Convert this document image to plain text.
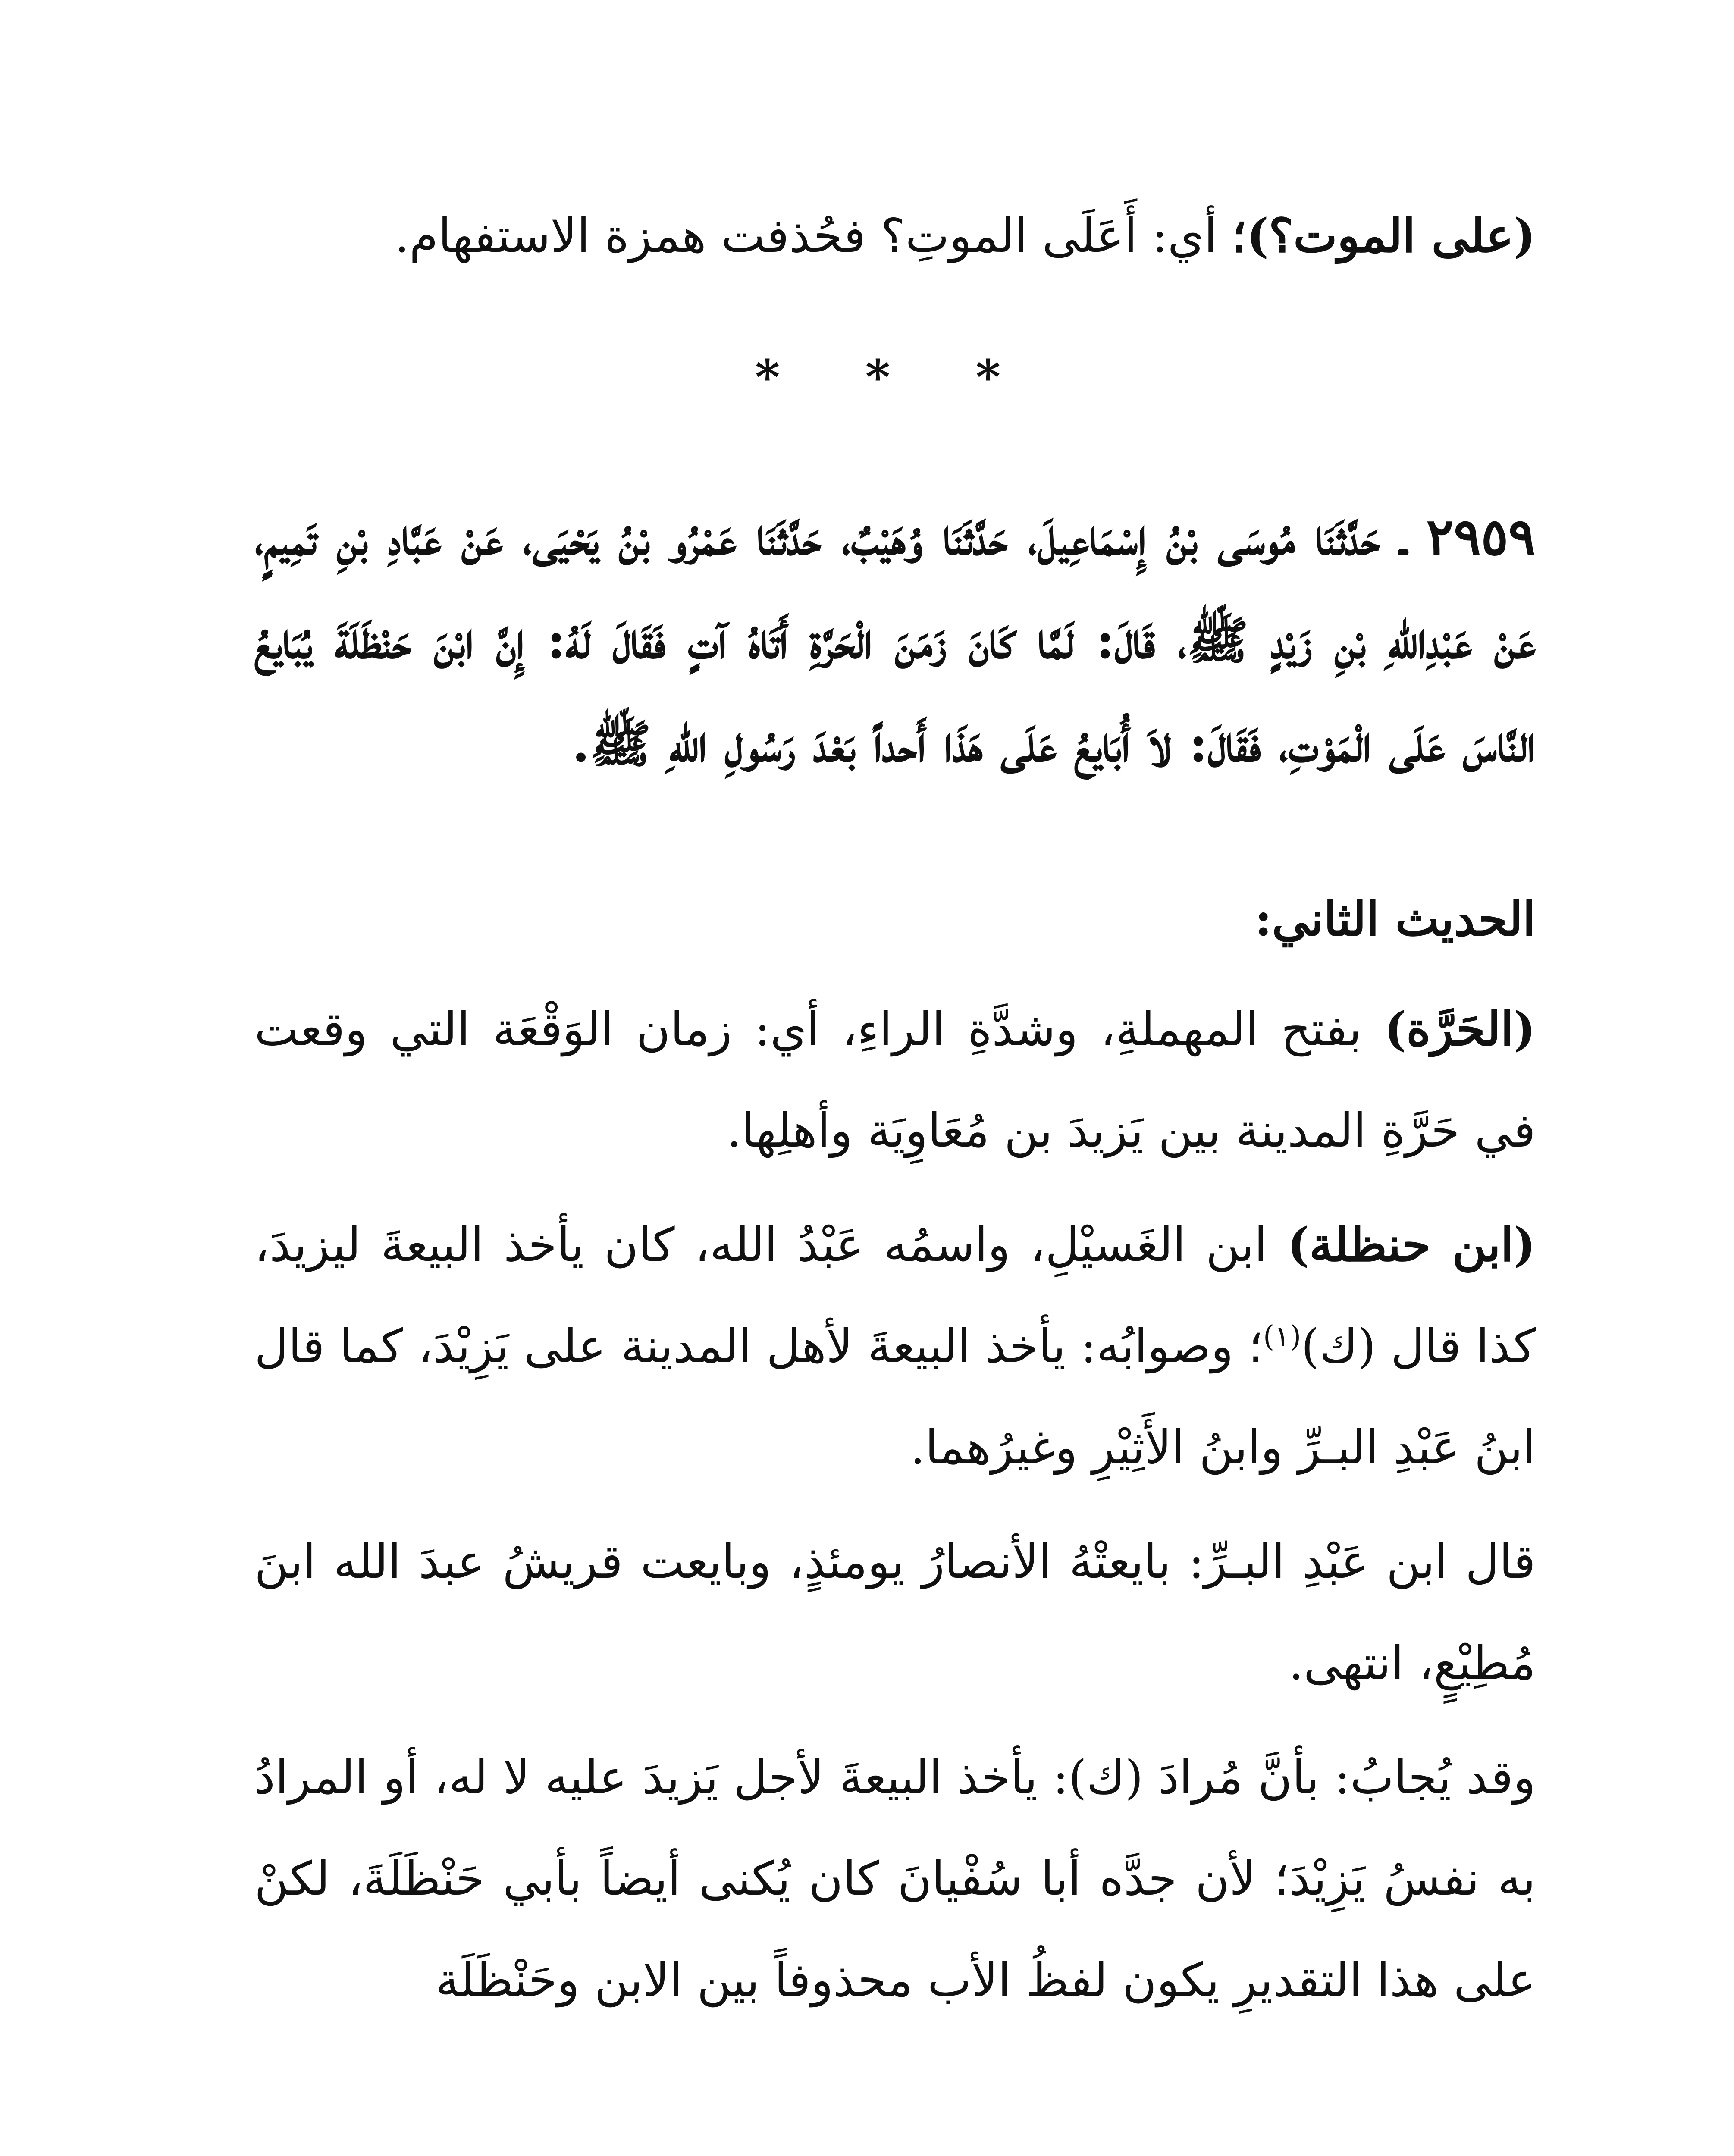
(على الموت؟)؛ أي: أَعَلَى الموتِ؟ فحُذفت همزة الاستفهام.

* * *

٢٩٥٩ ـ حَدَّثَنَا مُوسَى بْنُ إِسْمَاعِيلَ، حَدَّثَنَا وُهَيْبٌ، حَدَّثَنَا عَمْرُو بْنُ يَحْيَى، عَنْ عَبَّادِ بْنِ تَمِيمٍ، عَنْ عَبْدِاللهِ بْنِ زَيْدٍ ﷺ، قَالَ: لَمَّا كَانَ زَمَنَ الْحَرَّةِ أَتَاهُ آتٍ فَقَالَ لَهُ: إِنَّ ابْنَ حَنْظَلَةَ يُبَايعُ النَّاسَ عَلَى الْمَوْتِ، فَقَالَ: لاَ أُبَايعُ عَلَى هَذَا أَحداً بَعْدَ رَسُولِ اللهِ ﷺ.

الحديث الثاني:

(الحَرَّة) بفتح المهملةِ، وشدَّةِ الراءِ، أي: زمان الوَقْعَة التي وقعت في حَرَّةِ المدينة بين يَزيدَ بن مُعَاوِيَة وأهلِها.

(ابن حنظلة) ابن الغَسيْلِ، واسمُه عَبْدُ الله، كان يأخذ البيعةَ ليزيدَ، كذا قال (ك)$^{(١)}$؛ وصوابُه: يأخذ البيعةَ لأهل المدينة على يَزِيْدَ، كما قال ابنُ عَبْدِ البـرِّ وابنُ الأَثِيْرِ وغيرُهما.

قال ابن عَبْدِ البـرِّ: بايعتْهُ الأنصارُ يومئذٍ، وبايعت قريشُ عبدَ الله ابنَ مُطِيْعٍ، انتهى.

وقد يُجابُ: بأنَّ مُرادَ (ك): يأخذ البيعةَ لأجل يَزيدَ عليه لا له، أو المرادُ به نفسُ يَزِيْدَ؛ لأن جدَّه أبا سُفْيانَ كان يُكنى أيضاً بأبي حَنْظَلَةَ، لكنْ على هذا التقديرِ يكون لفظُ الأب محذوفاً بين الابن وحَنْظَلَة
